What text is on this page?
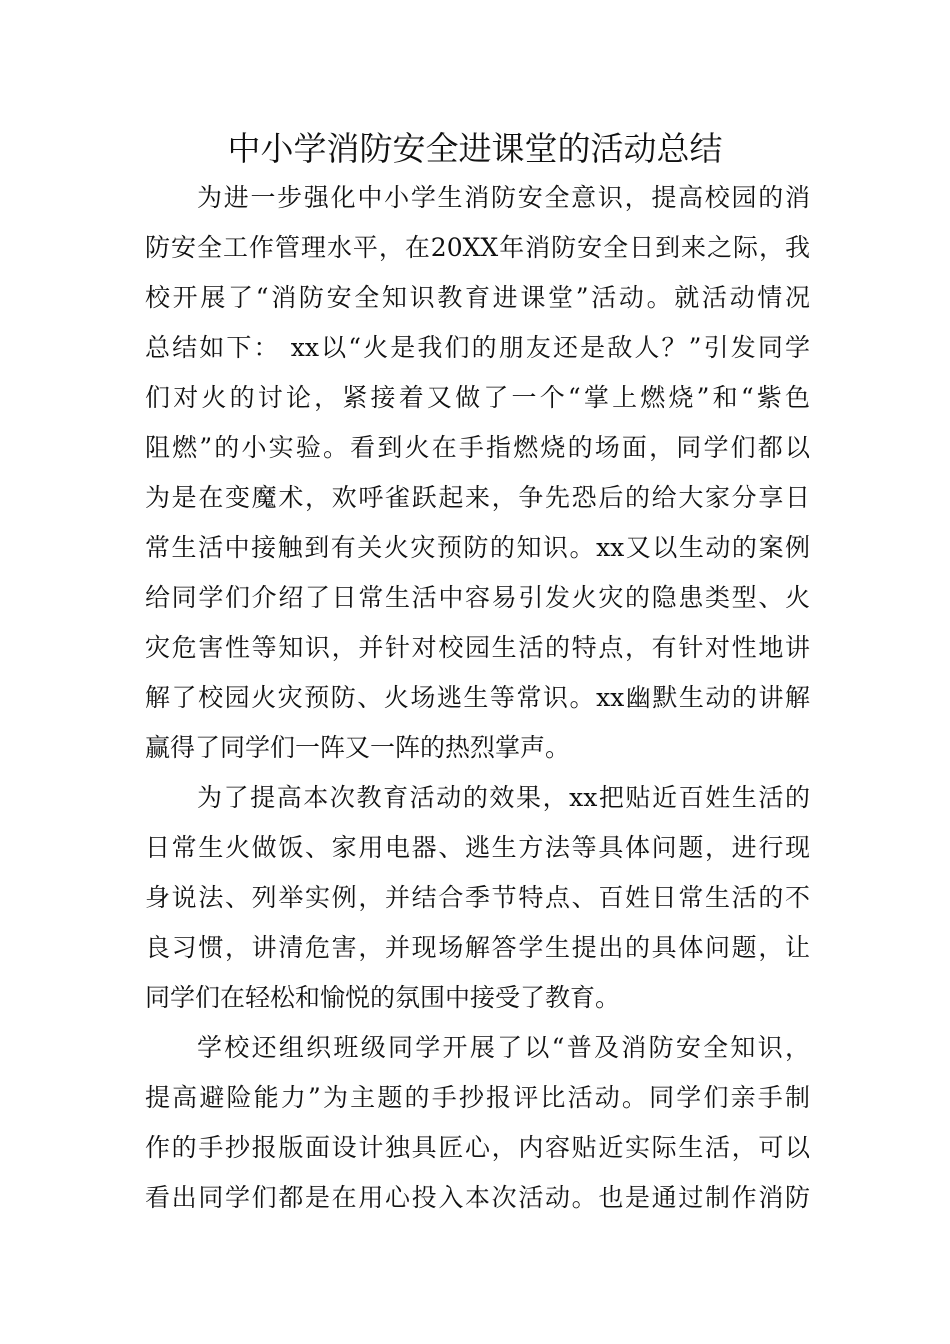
中小学消防安全进课堂的活动总结
为进一步强化中小学生消防安全意识，提高校园的消
防安全工作管理水平，在20XX年消防安全日到来之际，我
校开展了“消防安全知识教育进课堂”活动。就活动情况
总结如下： xx以“火是我们的朋友还是敌人？”引发同学
们对火的讨论，紧接着又做了一个“掌上燃烧”和“紫色
阻燃”的小实验。看到火在手指燃烧的场面，同学们都以
为是在变魔术，欢呼雀跃起来，争先恐后的给大家分享日
常生活中接触到有关火灾预防的知识。xx又以生动的案例
给同学们介绍了日常生活中容易引发火灾的隐患类型、火
灾危害性等知识，并针对校园生活的特点，有针对性地讲
解了校园火灾预防、火场逃生等常识。xx幽默生动的讲解
赢得了同学们一阵又一阵的热烈掌声。
为了提高本次教育活动的效果，xx把贴近百姓生活的
日常生火做饭、家用电器、逃生方法等具体问题，进行现
身说法、列举实例，并结合季节特点、百姓日常生活的不
良习惯，讲清危害，并现场解答学生提出的具体问题，让
同学们在轻松和愉悦的氛围中接受了教育。
学校还组织班级同学开展了以“普及消防安全知识，
提高避险能力”为主题的手抄报评比活动。同学们亲手制
作的手抄报版面设计独具匠心，内容贴近实际生活，可以
看出同学们都是在用心投入本次活动。也是通过制作消防
